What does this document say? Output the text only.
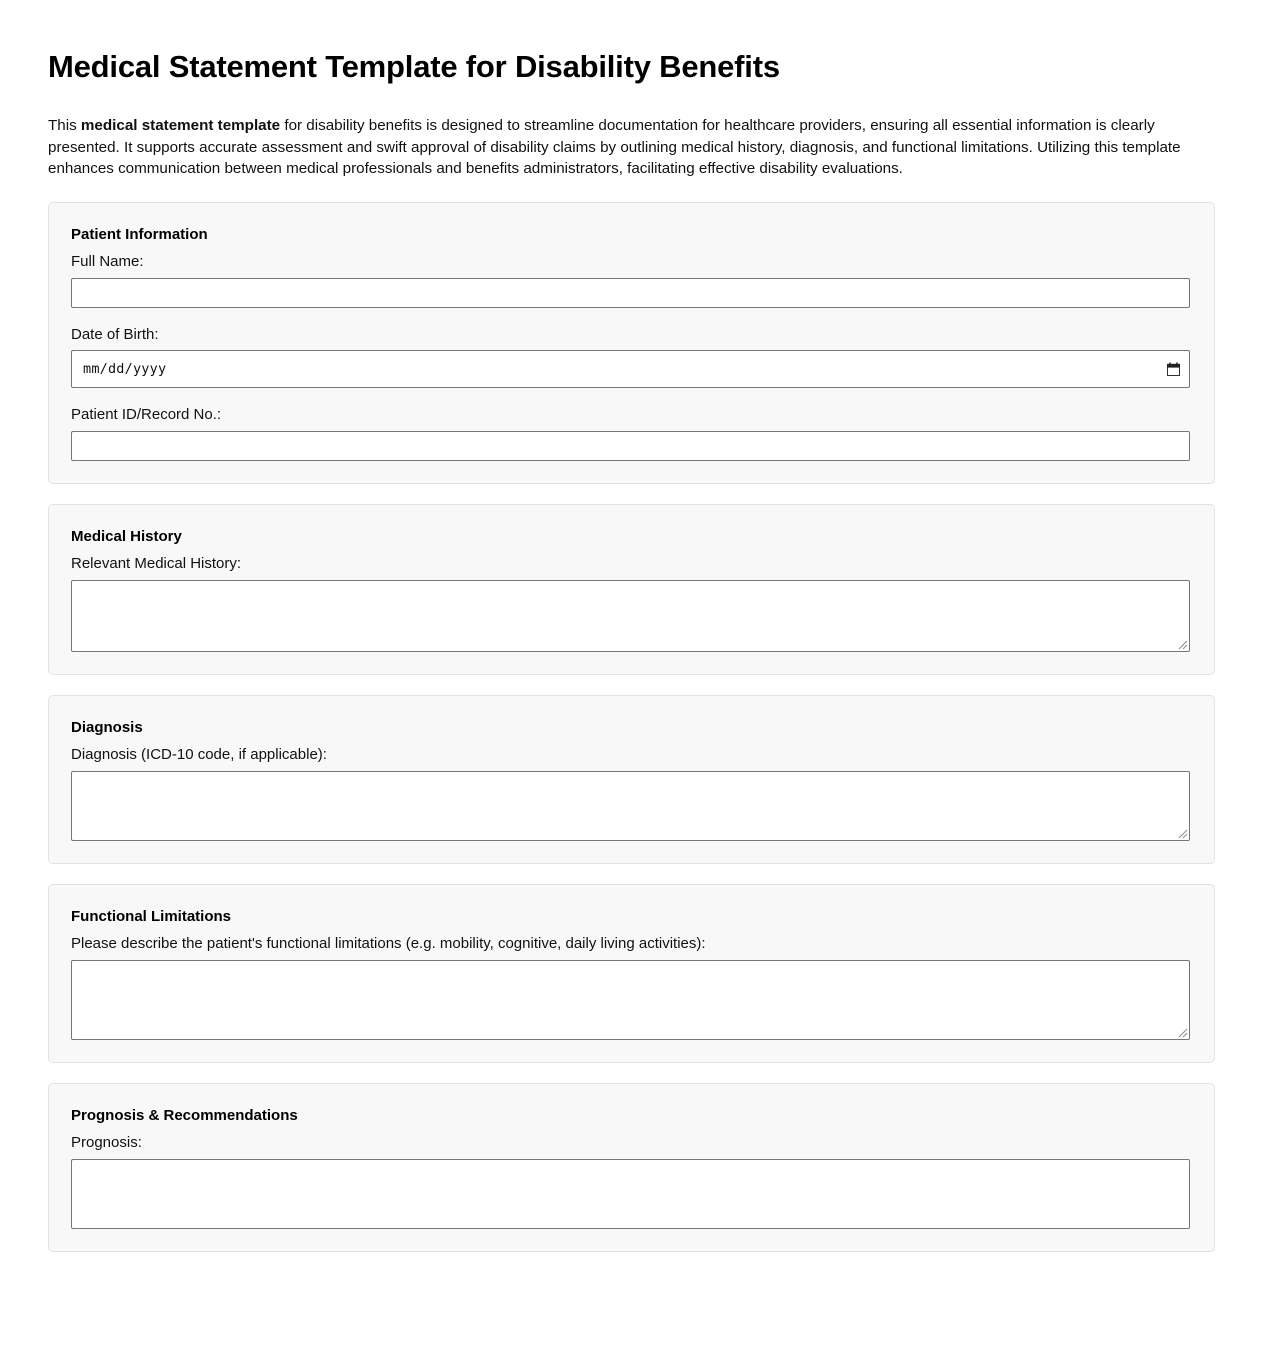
Medical Statement Template for Disability Benefits

This medical statement template for disability benefits is designed to streamline documentation for healthcare providers, ensuring all essential information is clearly presented. It supports accurate assessment and swift approval of disability claims by outlining medical history, diagnosis, and functional limitations. Utilizing this template enhances communication between medical professionals and benefits administrators, facilitating effective disability evaluations.

Patient Information
Full Name:
Date of Birth:
mm/dd/yyyy
Patient ID/Record No.:
Medical History
Relevant Medical History:
Diagnosis
Diagnosis (ICD-10 code, if applicable):
Functional Limitations
Please describe the patient's functional limitations (e.g. mobility, cognitive, daily living activities):
Prognosis & Recommendations
Prognosis:
